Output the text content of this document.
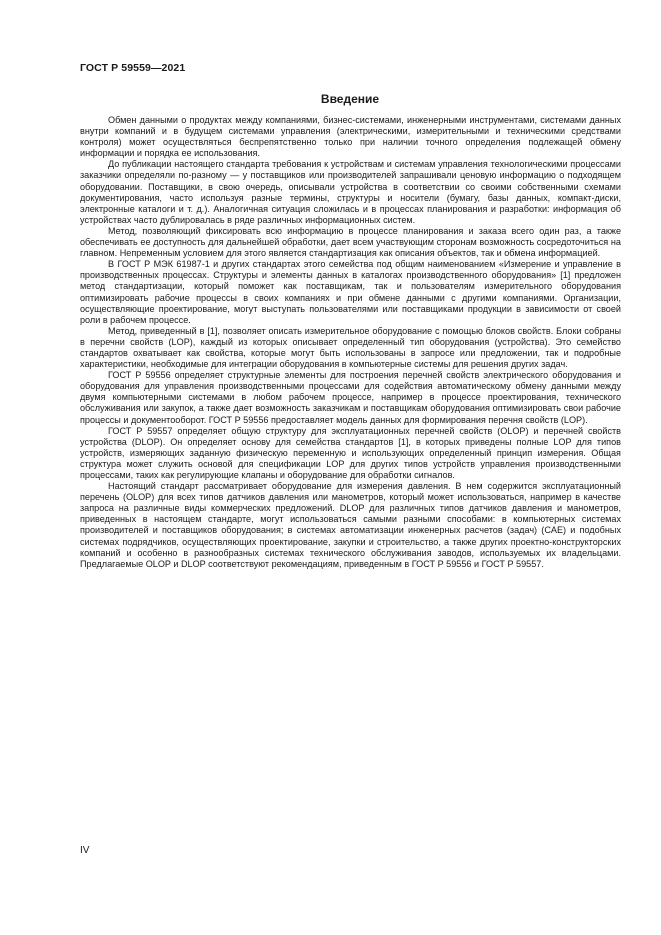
ГОСТ Р 59559—2021
Введение

Обмен данными о продуктах между компаниями, бизнес-системами, инженерными инструментами, системами данных внутри компаний и в будущем системами управления (электрическими, измерительными и техническими средствами контроля) может осуществляться беспрепятственно только при наличии точного определения подлежащей обмену информации и порядка ее использования.

До публикации настоящего стандарта требования к устройствам и системам управления технологическими процессами заказчики определяли по-разному — у поставщиков или производителей запрашивали ценовую информацию о подходящем оборудовании. Поставщики, в свою очередь, описывали устройства в соответствии со своими собственными схемами документирования, часто используя разные термины, структуры и носители (бумагу, базы данных, компакт-диски, электронные каталоги и т. д.). Аналогичная ситуация сложилась и в процессах планирования и разработки: информация об устройствах часто дублировалась в ряде различных информационных систем.

Метод, позволяющий фиксировать всю информацию в процессе планирования и заказа всего один раз, а также обеспечивать ее доступность для дальнейшей обработки, дает всем участвующим сторонам возможность сосредоточиться на главном. Непременным условием для этого является стандартизация как описания объектов, так и обмена информацией.

В ГОСТ Р МЭК 61987-1 и других стандартах этого семейства под общим наименованием «Измерение и управление в производственных процессах. Структуры и элементы данных в каталогах производственного оборудования» [1] предложен метод стандартизации, который поможет как поставщикам, так и пользователям измерительного оборудования оптимизировать рабочие процессы в своих компаниях и при обмене данными с другими компаниями. Организации, осуществляющие проектирование, могут выступать пользователями или поставщиками продукции в зависимости от своей роли в рабочем процессе.

Метод, приведенный в [1], позволяет описать измерительное оборудование с помощью блоков свойств. Блоки собраны в перечни свойств (LOP), каждый из которых описывает определенный тип оборудования (устройства). Это семейство стандартов охватывает как свойства, которые могут быть использованы в запросе или предложении, так и подробные характеристики, необходимые для интеграции оборудования в компьютерные системы для решения других задач.

ГОСТ Р 59556 определяет структурные элементы для построения перечней свойств электрического оборудования и оборудования для управления производственными процессами для содействия автоматическому обмену данными между двумя компьютерными системами в любом рабочем процессе, например в процессе проектирования, технического обслуживания или закупок, а также дает возможность заказчикам и поставщикам оборудования оптимизировать свои рабочие процессы и документооборот. ГОСТ Р 59556 предоставляет модель данных для формирования перечня свойств (LOP).

ГОСТ Р 59557 определяет общую структуру для эксплуатационных перечней свойств (OLOP) и перечней свойств устройства (DLOP). Он определяет основу для семейства стандартов [1], в которых приведены полные LOP для типов устройств, измеряющих заданную физическую переменную и использующих определенный принцип измерения. Общая структура может служить основой для спецификации LOP для других типов устройств управления производственными процессами, таких как регулирующие клапаны и оборудование для обработки сигналов.

Настоящий стандарт рассматривает оборудование для измерения давления. В нем содержится эксплуатационный перечень (OLOP) для всех типов датчиков давления или манометров, который может использоваться, например в качестве запроса на различные виды коммерческих предложений. DLOP для различных типов датчиков давления и манометров, приведенных в настоящем стандарте, могут использоваться самыми разными способами: в компьютерных системах производителей и поставщиков оборудования; в системах автоматизации инженерных расчетов (задач) (CAE) и подобных системах подрядчиков, осуществляющих проектирование, закупки и строительство, а также других проектно-конструкторских компаний и особенно в разнообразных системах технического обслуживания заводов, используемых их владельцами. Предлагаемые OLOP и DLOP соответствуют рекомендациям, приведенным в ГОСТ Р 59556 и ГОСТ Р 59557.

IV
